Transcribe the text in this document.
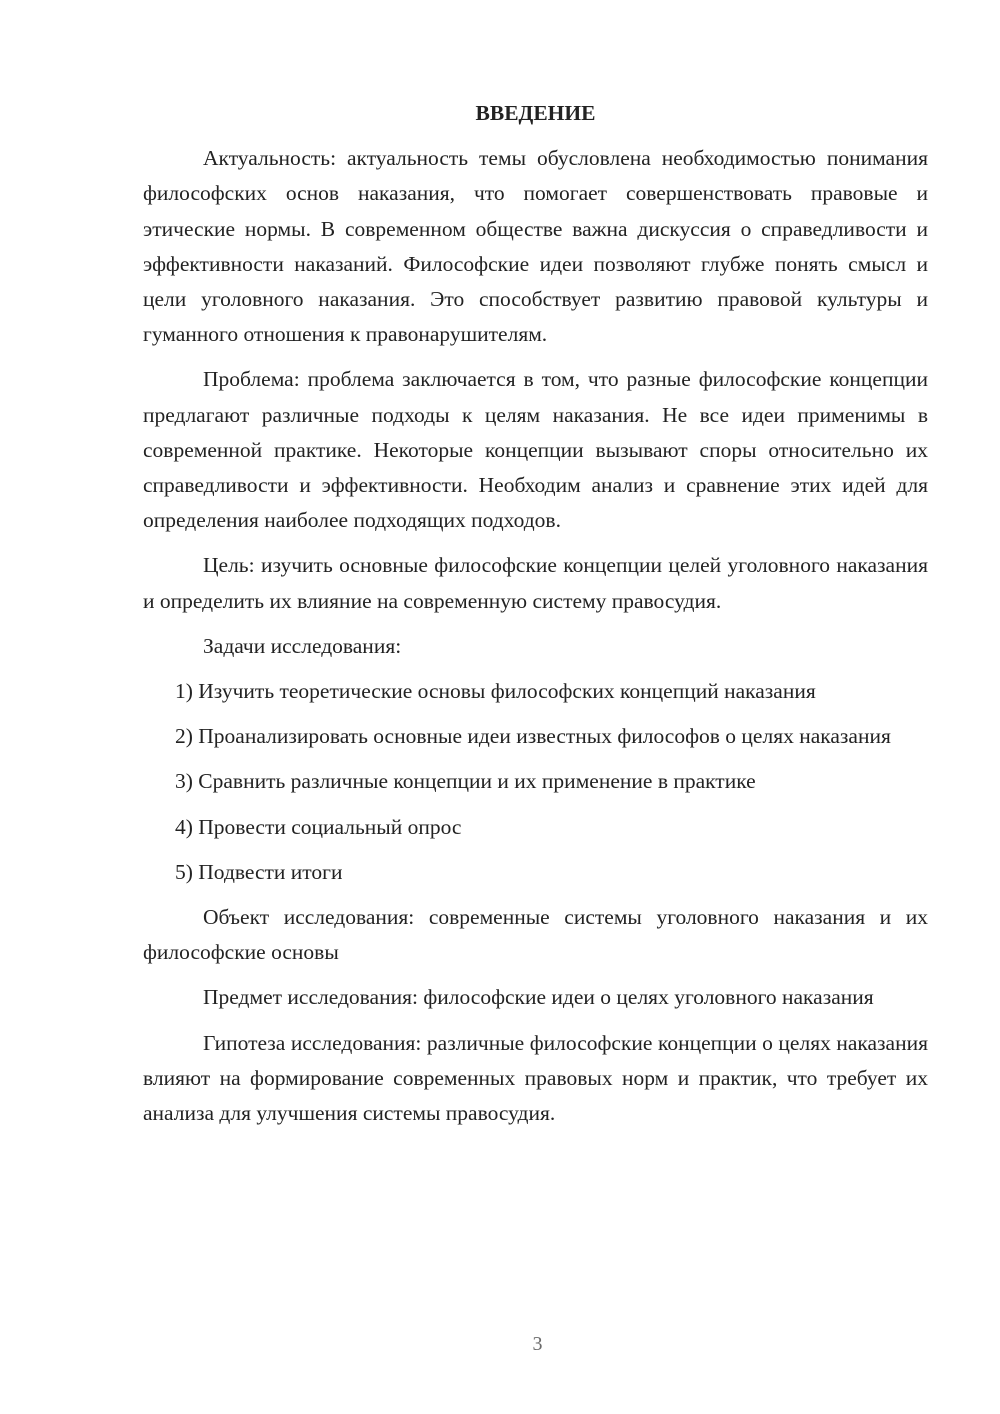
ВВЕДЕНИЕ

Актуальность: актуальность темы обусловлена необходимостью понимания философских основ наказания, что помогает совершенствовать правовые и этические нормы. В современном обществе важна дискуссия о справедливости и эффективности наказаний. Философские идеи позволяют глубже понять смысл и цели уголовного наказания. Это способствует развитию правовой культуры и гуманного отношения к правонарушителям.

Проблема: проблема заключается в том, что разные философские концепции предлагают различные подходы к целям наказания. Не все идеи применимы в современной практике. Некоторые концепции вызывают споры относительно их справедливости и эффективности. Необходим анализ и сравнение этих идей для определения наиболее подходящих подходов.

Цель: изучить основные философские концепции целей уголовного наказания и определить их влияние на современную систему правосудия.

Задачи исследования:

1) Изучить теоретические основы философских концепций наказания

2) Проанализировать основные идеи известных философов о целях наказания

3) Сравнить различные концепции и их применение в практике

4) Провести социальный опрос

5) Подвести итоги

Объект исследования: современные системы уголовного наказания и их философские основы

Предмет исследования: философские идеи о целях уголовного наказания

Гипотеза исследования: различные философские концепции о целях наказания влияют на формирование современных правовых норм и практик, что требует их анализа для улучшения системы правосудия.

3
